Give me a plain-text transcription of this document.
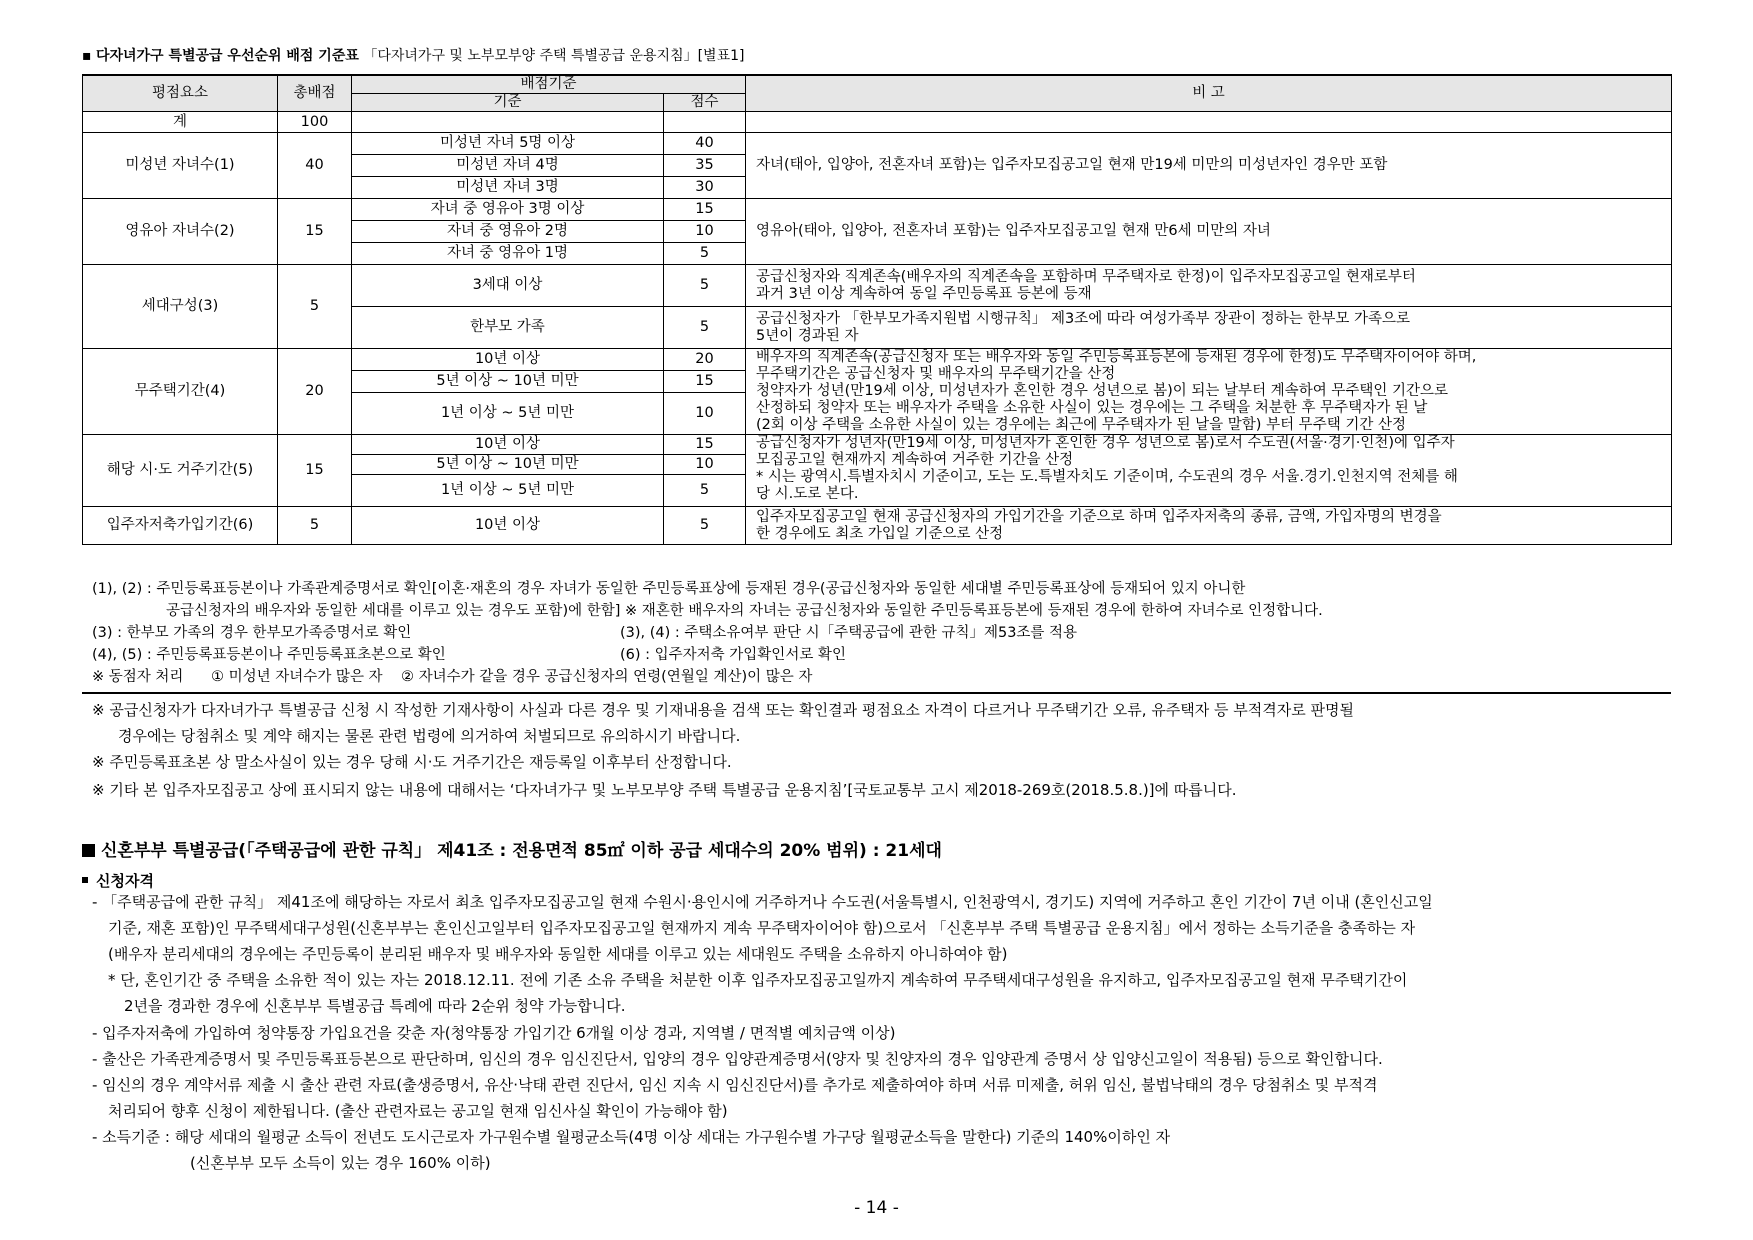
▪ 다자녀가구 특별공급 우선순위 배점 기준표 「다자녀가구 및 노부모부양 주택 특별공급 운용지침」[별표1]
평점요소	총배점	배점기준		비 고
		기준	점수	
계	100			
미성년 자녀수(1)	40	미성년 자녀 5명 이상	40	자녀(태아, 입양아, 전혼자녀 포함)는 입주자모집공고일 현재 만19세 미만의 미성년자인 경우만 포함

		미성년 자녀 4명	35	
		미성년 자녀 3명	30	
영유아 자녀수(2)	15	자녀 중 영유아 3명 이상	15	영유아(태아, 입양아, 전혼자녀 포함)는 입주자모집공고일 현재 만6세 미만의 자녀

		자녀 중 영유아 2명	10	
		자녀 중 영유아 1명	5	
세대구성(3)	5	3세대 이상	5	공급신청자와 직계존속(배우자의 직계존속을 포함하며 무주택자로 한정)이 입주자모집공고일 현재로부터
과거 3년 이상 계속하여 동일 주민등록표 등본에 등재

		한부모 가족	5	공급신청자가 「한부모가족지원법 시행규칙」 제3조에 따라 여성가족부 장관이 정하는 한부모 가족으로
5년이 경과된 자

무주택기간(4)	20	10년 이상	20	배우자의 직계존속(공급신청자 또는 배우자와 동일 주민등록표등본에 등재된 경우에 한정)도 무주택자이어야 하며,
무주택기간은 공급신청자 및 배우자의 무주택기간을 산정
청약자가 성년(만19세 이상, 미성년자가 혼인한 경우 성년으로 봄)이 되는 날부터 계속하여 무주택인 기간으로
산정하되 청약자 또는 배우자가 주택을 소유한 사실이 있는 경우에는 그 주택을 처분한 후 무주택자가 된 날
(2회 이상 주택을 소유한 사실이 있는 경우에는 최근에 무주택자가 된 날을 말함) 부터 무주택 기간 산정

		5년 이상 ~ 10년 미만	15	
		1년 이상 ~ 5년 미만	10	
해당 시·도 거주기간(5)	15	10년 이상	15	공급신청자가 성년자(만19세 이상, 미성년자가 혼인한 경우 성년으로 봄)로서 수도권(서울·경기·인천)에 입주자
모집공고일 현재까지 계속하여 거주한 기간을 산정
* 시는 광역시.특별자치시 기준이고, 도는 도.특별자치도 기준이며, 수도권의 경우 서울.경기.인천지역 전체를 해
당 시.도로 본다.

		5년 이상 ~ 10년 미만	10	
		1년 이상 ~ 5년 미만	5	
입주자저축가입기간(6)	5	10년 이상	5	입주자모집공고일 현재 공급신청자의 가입기간을 기준으로 하며 입주자저축의 종류, 금액, 가입자명의 변경을
한 경우에도 최초 가입일 기준으로 산정
(1), (2) : 주민등록표등본이나 가족관계증명서로 확인[이혼·재혼의 경우 자녀가 동일한 주민등록표상에 등재된 경우(공급신청자와 동일한 세대별 주민등록표상에 등재되어 있지 아니한
공급신청자의 배우자와 동일한 세대를 이루고 있는 경우도 포함)에 한함] ※ 재혼한 배우자의 자녀는 공급신청자와 동일한 주민등록표등본에 등재된 경우에 한하여 자녀수로 인정합니다.
(3) : 한부모 가족의 경우 한부모가족증명서로 확인	(3), (4) : 주택소유여부 판단 시「주택공급에 관한 규칙」제53조를 적용
(4), (5) : 주민등록표등본이나 주민등록표초본으로 확인	(6) : 입주자저축 가입확인서로 확인
※ 동점자 처리      ① 미성년 자녀수가 많은 자    ② 자녀수가 같을 경우 공급신청자의 연령(연월일 계산)이 많은 자
※ 공급신청자가 다자녀가구 특별공급 신청 시 작성한 기재사항이 사실과 다른 경우 및 기재내용을 검색 또는 확인결과 평점요소 자격이 다르거나 무주택기간 오류, 유주택자 등 부적격자로 판명될
경우에는 당첨취소 및 계약 해지는 물론 관련 법령에 의거하여 처벌되므로 유의하시기 바랍니다.
※ 주민등록표초본 상 말소사실이 있는 경우 당해 시·도 거주기간은 재등록일 이후부터 산정합니다.
※ 기타 본 입주자모집공고 상에 표시되지 않는 내용에 대해서는 ‘다자녀가구 및 노부모부양 주택 특별공급 운용지침’[국토교통부 고시 제2018-269호(2018.5.8.)]에 따릅니다.
신혼부부 특별공급(「주택공급에 관한 규칙」 제41조 : 전용면적 85㎡ 이하 공급 세대수의 20% 범위) : 21세대
신청자격
- 「주택공급에 관한 규칙」 제41조에 해당하는 자로서 최초 입주자모집공고일 현재 수원시·용인시에 거주하거나 수도권(서울특별시, 인천광역시, 경기도) 지역에 거주하고 혼인 기간이 7년 이내 (혼인신고일
기준, 재혼 포함)인 무주택세대구성원(신혼부부는 혼인신고일부터 입주자모집공고일 현재까지 계속 무주택자이어야 함)으로서 「신혼부부 주택 특별공급 운용지침」에서 정하는 소득기준을 충족하는 자
(배우자 분리세대의 경우에는 주민등록이 분리된 배우자 및 배우자와 동일한 세대를 이루고 있는 세대원도 주택을 소유하지 아니하여야 함)
* 단, 혼인기간 중 주택을 소유한 적이 있는 자는 2018.12.11. 전에 기존 소유 주택을 처분한 이후 입주자모집공고일까지 계속하여 무주택세대구성원을 유지하고, 입주자모집공고일 현재 무주택기간이
2년을 경과한 경우에 신혼부부 특별공급 특례에 따라 2순위 청약 가능합니다.
- 입주자저축에 가입하여 청약통장 가입요건을 갖춘 자(청약통장 가입기간 6개월 이상 경과, 지역별 / 면적별 예치금액 이상)
- 출산은 가족관계증명서 및 주민등록표등본으로 판단하며, 임신의 경우 임신진단서, 입양의 경우 입양관계증명서(양자 및 친양자의 경우 입양관계 증명서 상 입양신고일이 적용됨) 등으로 확인합니다.
- 임신의 경우 계약서류 제출 시 출산 관련 자료(출생증명서, 유산·낙태 관련 진단서, 임신 지속 시 임신진단서)를 추가로 제출하여야 하며 서류 미제출, 허위 임신, 불법낙태의 경우 당첨취소 및 부적격
처리되어 향후 신청이 제한됩니다. (출산 관련자료는 공고일 현재 임신사실 확인이 가능해야 함)
- 소득기준 : 해당 세대의 월평균 소득이 전년도 도시근로자 가구원수별 월평균소득(4명 이상 세대는 가구원수별 가구당 월평균소득을 말한다) 기준의 140%이하인 자
(신혼부부 모두 소득이 있는 경우 160% 이하)
- 14 -
